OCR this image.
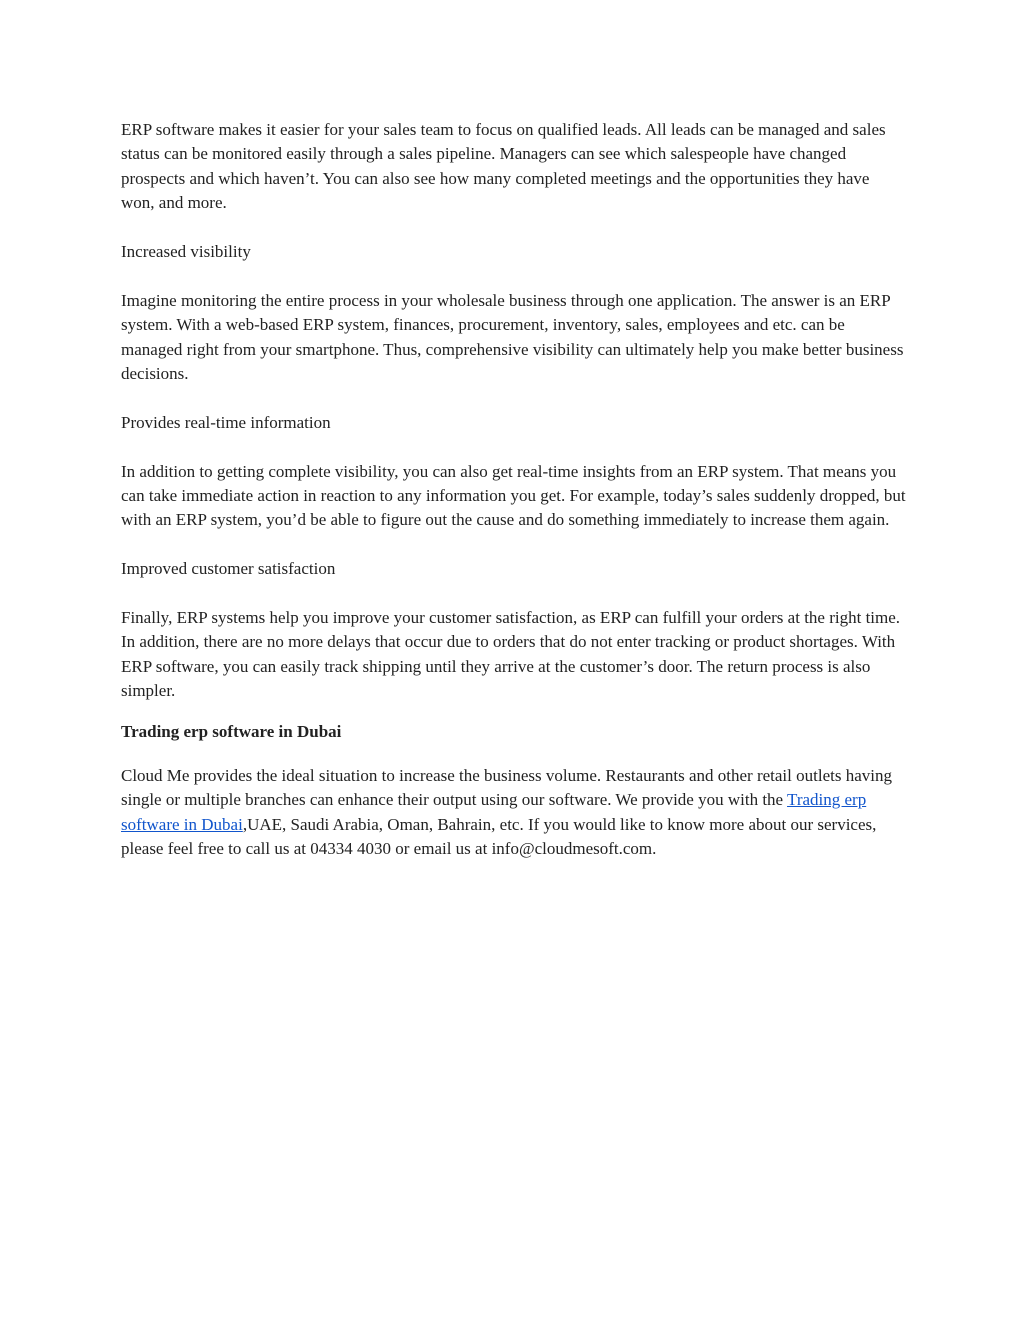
ERP software makes it easier for your sales team to focus on qualified leads. All leads can be managed and sales status can be monitored easily through a sales pipeline. Managers can see which salespeople have changed prospects and which haven’t. You can also see how many completed meetings and the opportunities they have won, and more.

Increased visibility

Imagine monitoring the entire process in your wholesale business through one application. The answer is an ERP system. With a web-based ERP system, finances, procurement, inventory, sales, employees and etc. can be managed right from your smartphone. Thus, comprehensive visibility can ultimately help you make better business decisions.

Provides real-time information

In addition to getting complete visibility, you can also get real-time insights from an ERP system. That means you can take immediate action in reaction to any information you get. For example, today’s sales suddenly dropped, but with an ERP system, you’d be able to figure out the cause and do something immediately to increase them again.

Improved customer satisfaction

Finally, ERP systems help you improve your customer satisfaction, as ERP can fulfill your orders at the right time. In addition, there are no more delays that occur due to orders that do not enter tracking or product shortages. With ERP software, you can easily track shipping until they arrive at the customer’s door. The return process is also simpler.

Trading erp software in Dubai

Cloud Me provides the ideal situation to increase the business volume. Restaurants and other retail outlets having single or multiple branches can enhance their output using our software. We provide you with the Trading erp software in Dubai,UAE, Saudi Arabia, Oman, Bahrain, etc. If you would like to know more about our services, please feel free to call us at 04334 4030 or email us at info@cloudmesoft.com.
